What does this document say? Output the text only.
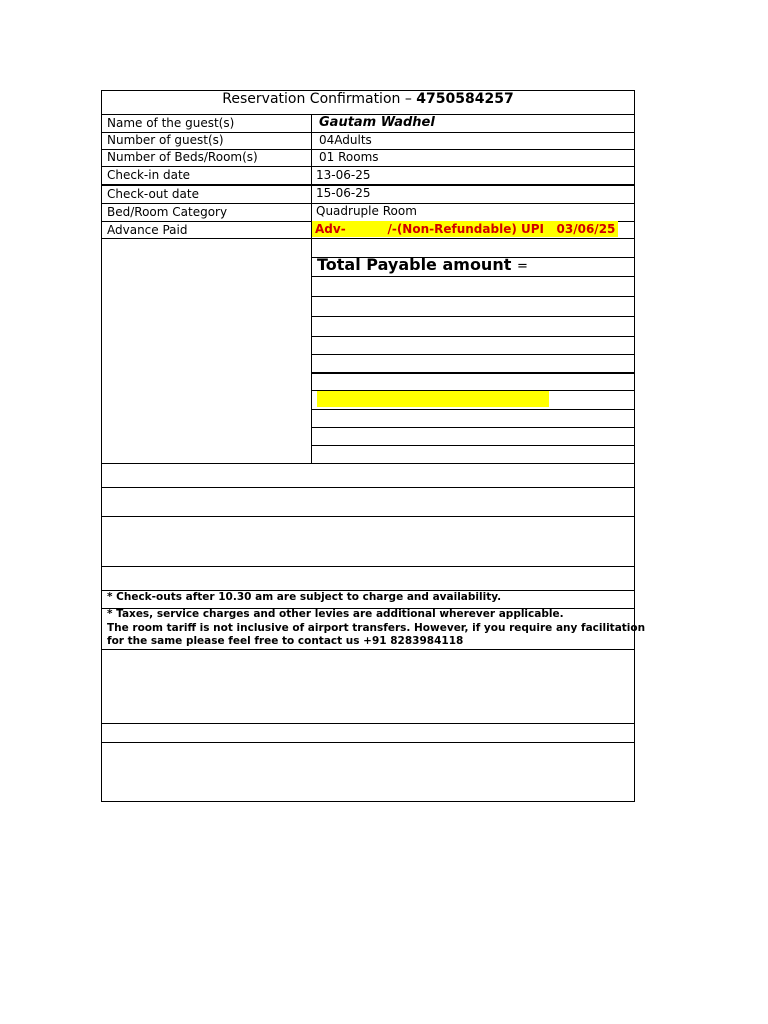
Reservation Confirmation – 4750584257
Name of the guest(s)	Gautam Wadhel
Number of guest(s)	04Adults
Number of Beds/Room(s)	01 Rooms
Check-in date	13-06-25
Check-out date	15-06-25
Bed/Room Category	Quadruple Room
Advance Paid	Adv-          /-(Non-Refundable) UPI   03/06/25
Total Payable amount =
* Check-outs after 10.30 am are subject to charge and availability.
* Taxes, service charges and other levies are additional wherever applicable.
The room tariff is not inclusive of airport transfers. However, if you require any facilitation
for the same please feel free to contact us +91 8283984118
